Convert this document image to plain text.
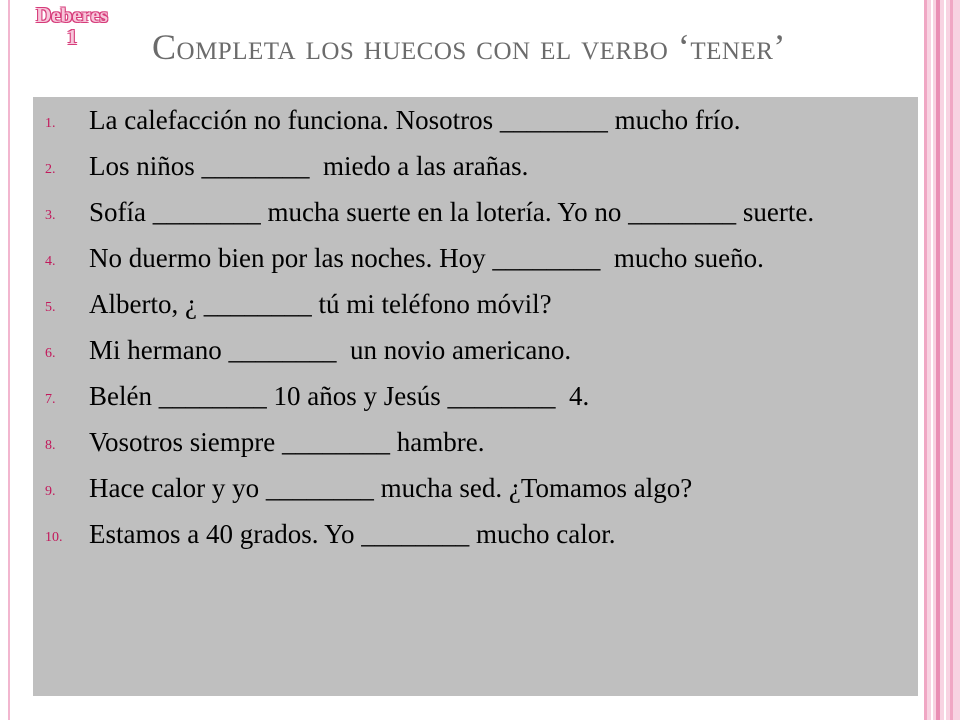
Deberes
1	Completa los huecos con el verbo ‘tener’
1.	La calefacción no funciona. Nosotros ________ mucho frío.
2.	Los niños ________  miedo a las arañas.
3.	Sofía ________ mucha suerte en la lotería. Yo no ________ suerte.
4.	No duermo bien por las noches. Hoy ________  mucho sueño.
5.	Alberto, ¿ ________ tú mi teléfono móvil?
6.	Mi hermano ________  un novio americano.
7.	Belén ________ 10 años y Jesús ________  4.
8.	Vosotros siempre ________ hambre.
9.	Hace calor y yo ________ mucha sed. ¿Tomamos algo?
10. Estamos a 40 grados. Yo ________ mucho calor.
